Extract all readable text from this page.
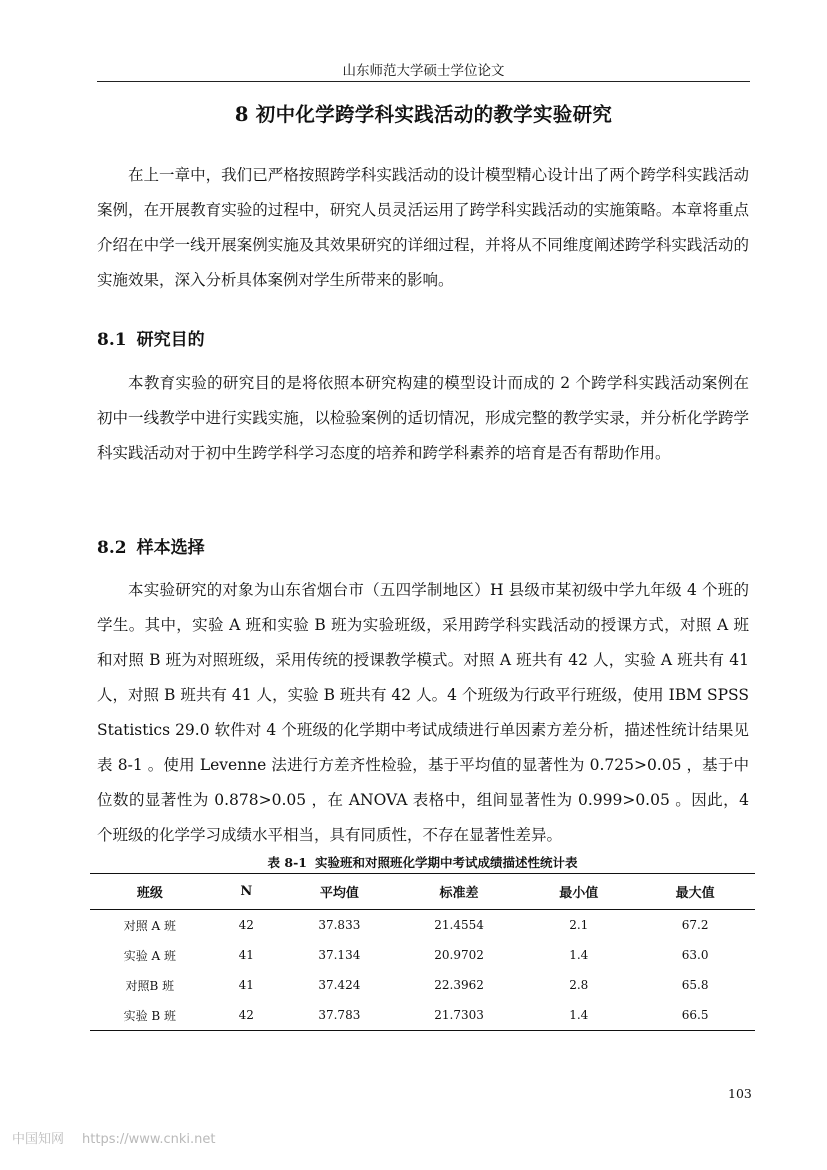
山东师范大学硕士学位论文
8 初中化学跨学科实践活动的教学实验研究

在上一章中，我们已严格按照跨学科实践活动的设计模型精心设计出了两个跨学科实践活动案例，在开展教育实验的过程中，研究人员灵活运用了跨学科实践活动的实施策略。本章将重点介绍在中学一线开展案例实施及其效果研究的详细过程，并将从不同维度阐述跨学科实践活动的实施效果，深入分析具体案例对学生所带来的影响。

8.1 研究目的

本教育实验的研究目的是将依照本研究构建的模型设计而成的 2 个跨学科实践活动案例在初中一线教学中进行实践实施，以检验案例的适切情况，形成完整的教学实录，并分析化学跨学科实践活动对于初中生跨学科学习态度的培养和跨学科素养的培育是否有帮助作用。

8.2 样本选择

本实验研究的对象为山东省烟台市（五四学制地区）H 县级市某初级中学九年级 4 个班的学生。其中，实验 A 班和实验 B 班为实验班级，采用跨学科实践活动的授课方式，对照 A 班和对照 B 班为对照班级，采用传统的授课教学模式。对照 A 班共有 42 人，实验 A 班共有 41 人，对照 B 班共有 41 人，实验 B 班共有 42 人。4 个班级为行政平行班级，使用 IBM SPSS Statistics 29.0 软件对 4 个班级的化学期中考试成绩进行单因素方差分析，描述性统计结果见表 8-1 。使用 Levenne 法进行方差齐性检验，基于平均值的显著性为 0.725>0.05 ，基于中位数的显著性为 0.878>0.05 ，在 ANOVA 表格中，组间显著性为 0.999>0.05 。因此，4 个班级的化学学习成绩水平相当，具有同质性，不存在显著性差异。

表 8-1 实验班和对照班化学期中考试成绩描述性统计表
班级	N	平均值	标准差	最小值	最大值
对照 A 班	42	37.833	21.4554	2.1	67.2
实验 A 班	41	37.134	20.9702	1.4	63.0
对照B 班	41	37.424	22.3962	2.8	65.8
实验 B 班	42	37.783	21.7303	1.4	66.5
103
中国知网 https://www.cnki.net
